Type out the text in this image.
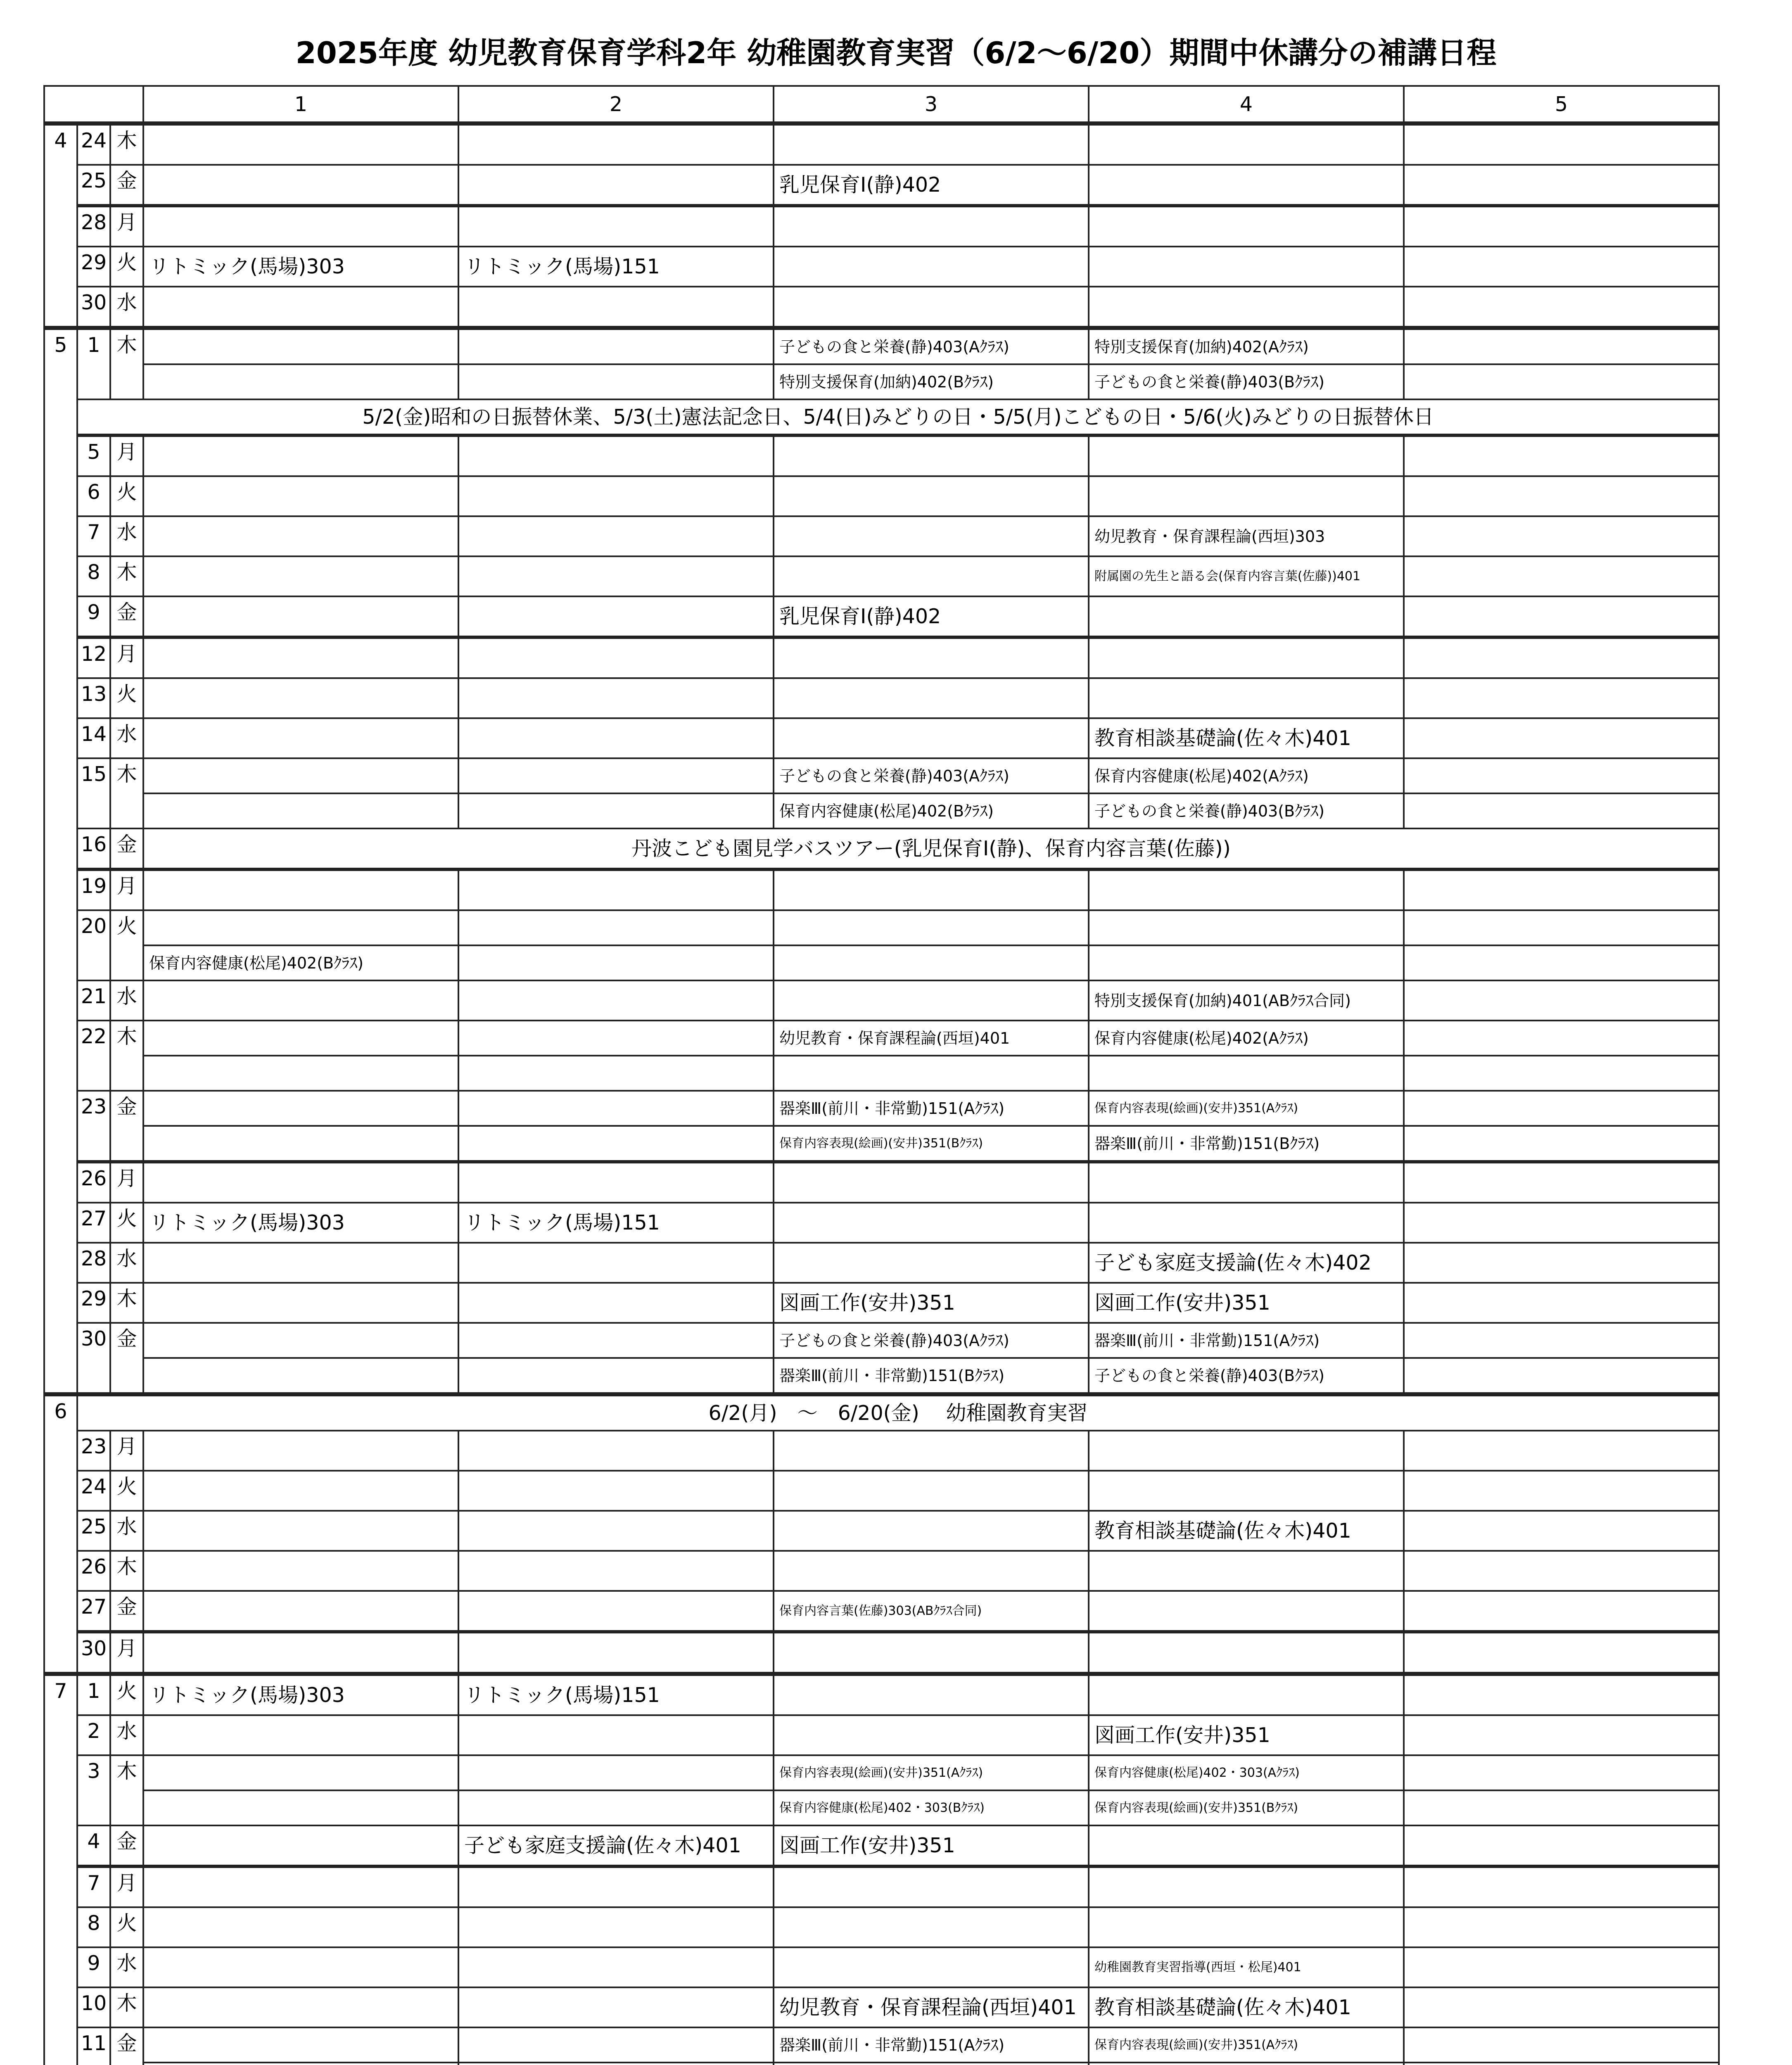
2025年度 幼児教育保育学科2年 幼稚園教育実習（6/2〜6/20）期間中休講分の補講日程
			1	2	3	4	5
4	24	木					
	25	金			乳児保育Ⅰ(静)402		
	28	月					
	29	火	リトミック(馬場)303	リトミック(馬場)151			
	30	水					
5	1	木			子どもの食と栄養(静)403(Aｸﾗｽ)	特別支援保育(加納)402(Aｸﾗｽ)	
					特別支援保育(加納)402(Bｸﾗｽ)	子どもの食と栄養(静)403(Bｸﾗｽ)	
	5/2(金)昭和の日振替休業、5/3(土)憲法記念日、5/4(日)みどりの日・5/5(月)こどもの日・5/6(火)みどりの日振替休日						
	5	月					
	6	火					
	7	水				幼児教育・保育課程論(西垣)303	
	8	木				附属園の先生と語る会(保育内容言葉(佐藤))401	
	9	金			乳児保育Ⅰ(静)402		
	12	月					
	13	火					
	14	水				教育相談基礎論(佐々木)401	
	15	木			子どもの食と栄養(静)403(Aｸﾗｽ)	保育内容健康(松尾)402(Aｸﾗｽ)	
					保育内容健康(松尾)402(Bｸﾗｽ)	子どもの食と栄養(静)403(Bｸﾗｽ)	
	16	金	丹波こども園見学バスツアー(乳児保育Ⅰ(静)、保育内容言葉(佐藤))				
	19	月					
	20	火					
			保育内容健康(松尾)402(Bｸﾗｽ)				
	21	水				特別支援保育(加納)401(ABｸﾗｽ合同)	
	22	木			幼児教育・保育課程論(西垣)401	保育内容健康(松尾)402(Aｸﾗｽ)	

	23	金			器楽Ⅲ(前川・非常勤)151(Aｸﾗｽ)	保育内容表現(絵画)(安井)351(Aｸﾗｽ)	
					保育内容表現(絵画)(安井)351(Bｸﾗｽ)	器楽Ⅲ(前川・非常勤)151(Bｸﾗｽ)	
	26	月					
	27	火	リトミック(馬場)303	リトミック(馬場)151			
	28	水				子ども家庭支援論(佐々木)402	
	29	木			図画工作(安井)351	図画工作(安井)351	
	30	金			子どもの食と栄養(静)403(Aｸﾗｽ)	器楽Ⅲ(前川・非常勤)151(Aｸﾗｽ)	
					器楽Ⅲ(前川・非常勤)151(Bｸﾗｽ)	子どもの食と栄養(静)403(Bｸﾗｽ)	
6	6/2(月)　～　6/20(金)　 幼稚園教育実習						
	23	月					
	24	火					
	25	水				教育相談基礎論(佐々木)401	
	26	木					
	27	金			保育内容言葉(佐藤)303(ABｸﾗｽ合同)		
	30	月					
7	1	火	リトミック(馬場)303	リトミック(馬場)151			
	2	水				図画工作(安井)351	
	3	木			保育内容表現(絵画)(安井)351(Aｸﾗｽ)	保育内容健康(松尾)402・303(Aｸﾗｽ)	
					保育内容健康(松尾)402・303(Bｸﾗｽ)	保育内容表現(絵画)(安井)351(Bｸﾗｽ)	
	4	金		子ども家庭支援論(佐々木)401	図画工作(安井)351		
	7	月					
	8	火					
	9	水				幼稚園教育実習指導(西垣・松尾)401	
	10	木			幼児教育・保育課程論(西垣)401	教育相談基礎論(佐々木)401	
	11	金			器楽Ⅲ(前川・非常勤)151(Aｸﾗｽ)	保育内容表現(絵画)(安井)351(Aｸﾗｽ)	
